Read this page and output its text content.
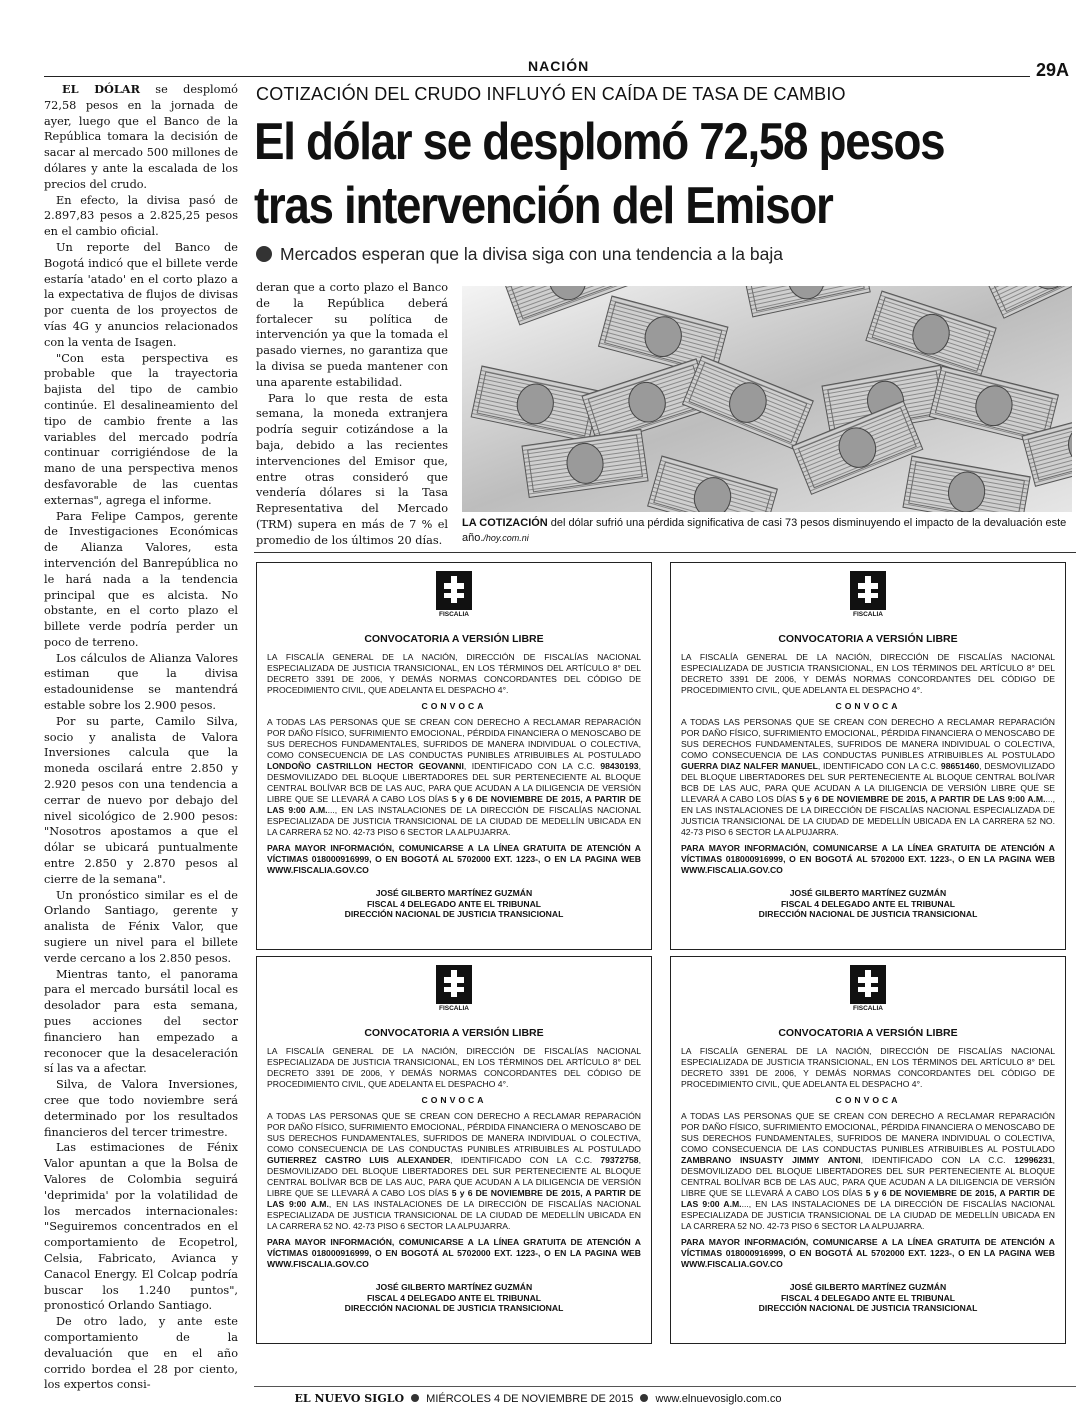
NACIÓN	29A

EL DÓLAR se desplomó 72,58 pesos en la jornada de ayer, luego que el Banco de la República tomara la decisión de sacar al mercado 500 millones de dólares y ante la escalada de los precios del crudo.

En efecto, la divisa pasó de 2.897,83 pesos a 2.825,25 pesos en el cambio oficial.

Un reporte del Banco de Bogotá indicó que el billete verde estaría 'atado' en el corto plazo a la expectativa de flujos de divisas por cuenta de los proyectos de vías 4G y anuncios relacionados con la venta de Isagen.

"Con esta perspectiva es probable que la trayectoria bajista del tipo de cambio continúe. El desalineamiento del tipo de cambio frente a las variables del mercado podría continuar corrigiéndose de la mano de una perspectiva menos desfavorable de las cuentas externas", agrega el informe.

Para Felipe Campos, gerente de Investigaciones Económicas de Alianza Valores, esta intervención del Banrepública no le hará nada a la tendencia principal que es alcista. No obstante, en el corto plazo el billete verde podría perder un poco de terreno.

Los cálculos de Alianza Valores estiman que la divisa estadounidense se mantendrá estable sobre los 2.900 pesos.

Por su parte, Camilo Silva, socio y analista de Valora Inversiones calcula que la moneda oscilará entre 2.850 y 2.920 pesos con una tendencia a cerrar de nuevo por debajo del nivel sicológico de 2.900 pesos: "Nosotros apostamos a que el dólar se ubicará puntualmente entre 2.850 y 2.870 pesos al cierre de la semana".

Un pronóstico similar es el de Orlando Santiago, gerente y analista de Fénix Valor, que sugiere un nivel para el billete verde cercano a los 2.850 pesos.

Mientras tanto, el panorama para el mercado bursátil local es desolador para esta semana, pues acciones del sector financiero han empezado a reconocer que la desaceleración sí las va a afectar.

Silva, de Valora Inversiones, cree que todo noviembre será determinado por los resultados financieros del tercer trimestre.

Las estimaciones de Fénix Valor apuntan a que la Bolsa de Valores de Colombia seguirá 'deprimida' por la volatilidad de los mercados internacionales: "Seguiremos concentrados en el comportamiento de Ecopetrol, Celsia, Fabricato, Avianca y Canacol Energy. El Colcap podría buscar los 1.240 puntos", pronosticó Orlando Santiago.

De otro lado, y ante este comportamiento de la devaluación que en el año corrido bordea el 28 por ciento, los expertos consi-

COTIZACIÓN DEL CRUDO INFLUYÓ EN CAÍDA DE TASA DE CAMBIO
El dólar se desplomó 72,58 pesos
tras intervención del Emisor
Mercados esperan que la divisa siga con una tendencia a la baja

deran que a corto plazo el Banco de la República deberá fortalecer su política de intervención ya que la tomada el pasado viernes, no garantiza que la divisa se pueda mantener con una aparente estabilidad.

Para lo que resta de esta semana, la moneda extranjera podría seguir cotizándose a la baja, debido a las recientes intervenciones del Emisor que, entre otras consideró que vendería dólares si la Tasa Representativa del Mercado (TRM) supera en más de 7 % el promedio de los últimos 20 días.

LA COTIZACIÓN del dólar sufrió una pérdida significativa de casi 73 pesos disminuyendo el impacto de la devaluación este año./hoy.com.ni
FISCALIA
CONVOCATORIA A VERSIÓN LIBRE

LA FISCALÍA GENERAL DE LA NACIÓN, DIRECCIÓN DE FISCALÍAS NACIONAL ESPECIALIZADA DE JUSTICIA TRANSICIONAL, EN LOS TÉRMINOS DEL ARTÍCULO 8° DEL DECRETO 3391 DE 2006, Y DEMÁS NORMAS CONCORDANTES DEL CÓDIGO DE PROCEDIMIENTO CIVIL, QUE ADELANTA EL DESPACHO 4°.

CONVOCA

A TODAS LAS PERSONAS QUE SE CREAN CON DERECHO A RECLAMAR REPARACIÓN POR DAÑO FÍSICO, SUFRIMIENTO EMOCIONAL, PÉRDIDA FINANCIERA O MENOSCABO DE SUS DERECHOS FUNDAMENTALES, SUFRIDOS DE MANERA INDIVIDUAL O COLECTIVA, COMO CONSECUENCIA DE LAS CONDUCTAS PUNIBLES ATRIBUIBLES AL POSTULADO LONDOÑO CASTRILLON HECTOR GEOVANNI, IDENTIFICADO CON LA C.C. 98430193, DESMOVILIZADO DEL BLOQUE LIBERTADORES DEL SUR PERTENECIENTE AL BLOQUE CENTRAL BOLÍVAR BCB DE LAS AUC, PARA QUE ACUDAN A LA DILIGENCIA DE VERSIÓN LIBRE QUE SE LLEVARÁ A CABO LOS DÍAS 5 y 6 DE NOVIEMBRE DE 2015, A PARTIR DE LAS 9:00 A.M...., EN LAS INSTALACIONES DE LA DIRECCIÓN DE FISCALÍAS NACIONAL ESPECIALIZADA DE JUSTICIA TRANSICIONAL DE LA CIUDAD DE MEDELLÍN UBICADA EN LA CARRERA 52 NO. 42-73 PISO 6 SECTOR LA ALPUJARRA.

PARA MAYOR INFORMACIÓN, COMUNICARSE A LA LÍNEA GRATUITA DE ATENCIÓN A VÍCTIMAS 018000916999, O EN BOGOTÁ AL 5702000 EXT. 1223-, O EN LA PAGINA WEB WWW.FISCALIA.GOV.CO

JOSÉ GILBERTO MARTÍNEZ GUZMÁN
FISCAL 4 DELEGADO ANTE EL TRIBUNAL
DIRECCIÓN NACIONAL DE JUSTICIA TRANSICIONAL
FISCALIA
CONVOCATORIA A VERSIÓN LIBRE

LA FISCALÍA GENERAL DE LA NACIÓN, DIRECCIÓN DE FISCALÍAS NACIONAL ESPECIALIZADA DE JUSTICIA TRANSICIONAL, EN LOS TÉRMINOS DEL ARTÍCULO 8° DEL DECRETO 3391 DE 2006, Y DEMÁS NORMAS CONCORDANTES DEL CÓDIGO DE PROCEDIMIENTO CIVIL, QUE ADELANTA EL DESPACHO 4°.

CONVOCA

A TODAS LAS PERSONAS QUE SE CREAN CON DERECHO A RECLAMAR REPARACIÓN POR DAÑO FÍSICO, SUFRIMIENTO EMOCIONAL, PÉRDIDA FINANCIERA O MENOSCABO DE SUS DERECHOS FUNDAMENTALES, SUFRIDOS DE MANERA INDIVIDUAL O COLECTIVA, COMO CONSECUENCIA DE LAS CONDUCTAS PUNIBLES ATRIBUIBLES AL POSTULADO GUERRA DIAZ NALFER MANUEL, IDENTIFICADO CON LA C.C. 98651460, DESMOVILIZADO DEL BLOQUE LIBERTADORES DEL SUR PERTENECIENTE AL BLOQUE CENTRAL BOLÍVAR BCB DE LAS AUC, PARA QUE ACUDAN A LA DILIGENCIA DE VERSIÓN LIBRE QUE SE LLEVARÁ A CABO LOS DÍAS 5 y 6 DE NOVIEMBRE DE 2015, A PARTIR DE LAS 9:00 A.M...., EN LAS INSTALACIONES DE LA DIRECCIÓN DE FISCALÍAS NACIONAL ESPECIALIZADA DE JUSTICIA TRANSICIONAL DE LA CIUDAD DE MEDELLÍN UBICADA EN LA CARRERA 52 NO. 42-73 PISO 6 SECTOR LA ALPUJARRA.

PARA MAYOR INFORMACIÓN, COMUNICARSE A LA LÍNEA GRATUITA DE ATENCIÓN A VÍCTIMAS 018000916999, O EN BOGOTÁ AL 5702000 EXT. 1223-, O EN LA PAGINA WEB WWW.FISCALIA.GOV.CO

JOSÉ GILBERTO MARTÍNEZ GUZMÁN
FISCAL 4 DELEGADO ANTE EL TRIBUNAL
DIRECCIÓN NACIONAL DE JUSTICIA TRANSICIONAL
FISCALIA
CONVOCATORIA A VERSIÓN LIBRE

LA FISCALÍA GENERAL DE LA NACIÓN, DIRECCIÓN DE FISCALÍAS NACIONAL ESPECIALIZADA DE JUSTICIA TRANSICIONAL, EN LOS TÉRMINOS DEL ARTÍCULO 8° DEL DECRETO 3391 DE 2006, Y DEMÁS NORMAS CONCORDANTES DEL CÓDIGO DE PROCEDIMIENTO CIVIL, QUE ADELANTA EL DESPACHO 4°.

CONVOCA

A TODAS LAS PERSONAS QUE SE CREAN CON DERECHO A RECLAMAR REPARACIÓN POR DAÑO FÍSICO, SUFRIMIENTO EMOCIONAL, PÉRDIDA FINANCIERA O MENOSCABO DE SUS DERECHOS FUNDAMENTALES, SUFRIDOS DE MANERA INDIVIDUAL O COLECTIVA, COMO CONSECUENCIA DE LAS CONDUCTAS PUNIBLES ATRIBUIBLES AL POSTULADO GUTIERREZ CASTRO LUIS ALEXANDER, IDENTIFICADO CON LA C.C. 79372758, DESMOVILIZADO DEL BLOQUE LIBERTADORES DEL SUR PERTENECIENTE AL BLOQUE CENTRAL BOLÍVAR BCB DE LAS AUC, PARA QUE ACUDAN A LA DILIGENCIA DE VERSIÓN LIBRE QUE SE LLEVARÁ A CABO LOS DÍAS 5 y 6 DE NOVIEMBRE DE 2015, A PARTIR DE LAS 9:00 A.M., EN LAS INSTALACIONES DE LA DIRECCIÓN DE FISCALÍAS NACIONAL ESPECIALIZADA DE JUSTICIA TRANSICIONAL DE LA CIUDAD DE MEDELLÍN UBICADA EN LA CARRERA 52 NO. 42-73 PISO 6 SECTOR LA ALPUJARRA.

PARA MAYOR INFORMACIÓN, COMUNICARSE A LA LÍNEA GRATUITA DE ATENCIÓN A VÍCTIMAS 018000916999, O EN BOGOTÁ AL 5702000 EXT. 1223-, O EN LA PAGINA WEB WWW.FISCALIA.GOV.CO

JOSÉ GILBERTO MARTÍNEZ GUZMÁN
FISCAL 4 DELEGADO ANTE EL TRIBUNAL
DIRECCIÓN NACIONAL DE JUSTICIA TRANSICIONAL
FISCALIA
CONVOCATORIA A VERSIÓN LIBRE

LA FISCALÍA GENERAL DE LA NACIÓN, DIRECCIÓN DE FISCALÍAS NACIONAL ESPECIALIZADA DE JUSTICIA TRANSICIONAL, EN LOS TÉRMINOS DEL ARTÍCULO 8° DEL DECRETO 3391 DE 2006, Y DEMÁS NORMAS CONCORDANTES DEL CÓDIGO DE PROCEDIMIENTO CIVIL, QUE ADELANTA EL DESPACHO 4°.

CONVOCA

A TODAS LAS PERSONAS QUE SE CREAN CON DERECHO A RECLAMAR REPARACIÓN POR DAÑO FÍSICO, SUFRIMIENTO EMOCIONAL, PÉRDIDA FINANCIERA O MENOSCABO DE SUS DERECHOS FUNDAMENTALES, SUFRIDOS DE MANERA INDIVIDUAL O COLECTIVA, COMO CONSECUENCIA DE LAS CONDUCTAS PUNIBLES ATRIBUIBLES AL POSTULADO ZAMBRANO INSUASTY JIMMY ANTONI, IDENTIFICADO CON LA C.C. 12996231, DESMOVILIZADO DEL BLOQUE LIBERTADORES DEL SUR PERTENECIENTE AL BLOQUE CENTRAL BOLÍVAR BCB DE LAS AUC, PARA QUE ACUDAN A LA DILIGENCIA DE VERSIÓN LIBRE QUE SE LLEVARÁ A CABO LOS DÍAS 5 y 6 DE NOVIEMBRE DE 2015, A PARTIR DE LAS 9:00 A.M...., EN LAS INSTALACIONES DE LA DIRECCIÓN DE FISCALÍAS NACIONAL ESPECIALIZADA DE JUSTICIA TRANSICIONAL DE LA CIUDAD DE MEDELLÍN UBICADA EN LA CARRERA 52 NO. 42-73 PISO 6 SECTOR LA ALPUJARRA.

PARA MAYOR INFORMACIÓN, COMUNICARSE A LA LÍNEA GRATUITA DE ATENCIÓN A VÍCTIMAS 018000916999, O EN BOGOTÁ AL 5702000 EXT. 1223-, O EN LA PAGINA WEB WWW.FISCALIA.GOV.CO

JOSÉ GILBERTO MARTÍNEZ GUZMÁN
FISCAL 4 DELEGADO ANTE EL TRIBUNAL
DIRECCIÓN NACIONAL DE JUSTICIA TRANSICIONAL
EL NUEVO SIGLO MIÉRCOLES 4 DE NOVIEMBRE DE 2015 www.elnuevosiglo.com.co
